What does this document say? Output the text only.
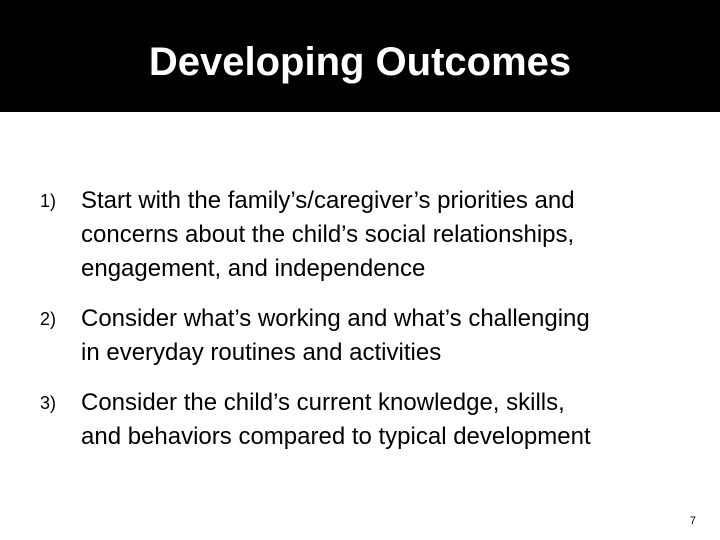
Developing Outcomes
1) Start with the family’s/caregiver’s priorities and
concerns about the child’s social relationships,
engagement, and independence
2) Consider what’s working and what’s challenging
in everyday routines and activities
3) Consider the child’s current knowledge, skills,
and behaviors compared to typical development
7
